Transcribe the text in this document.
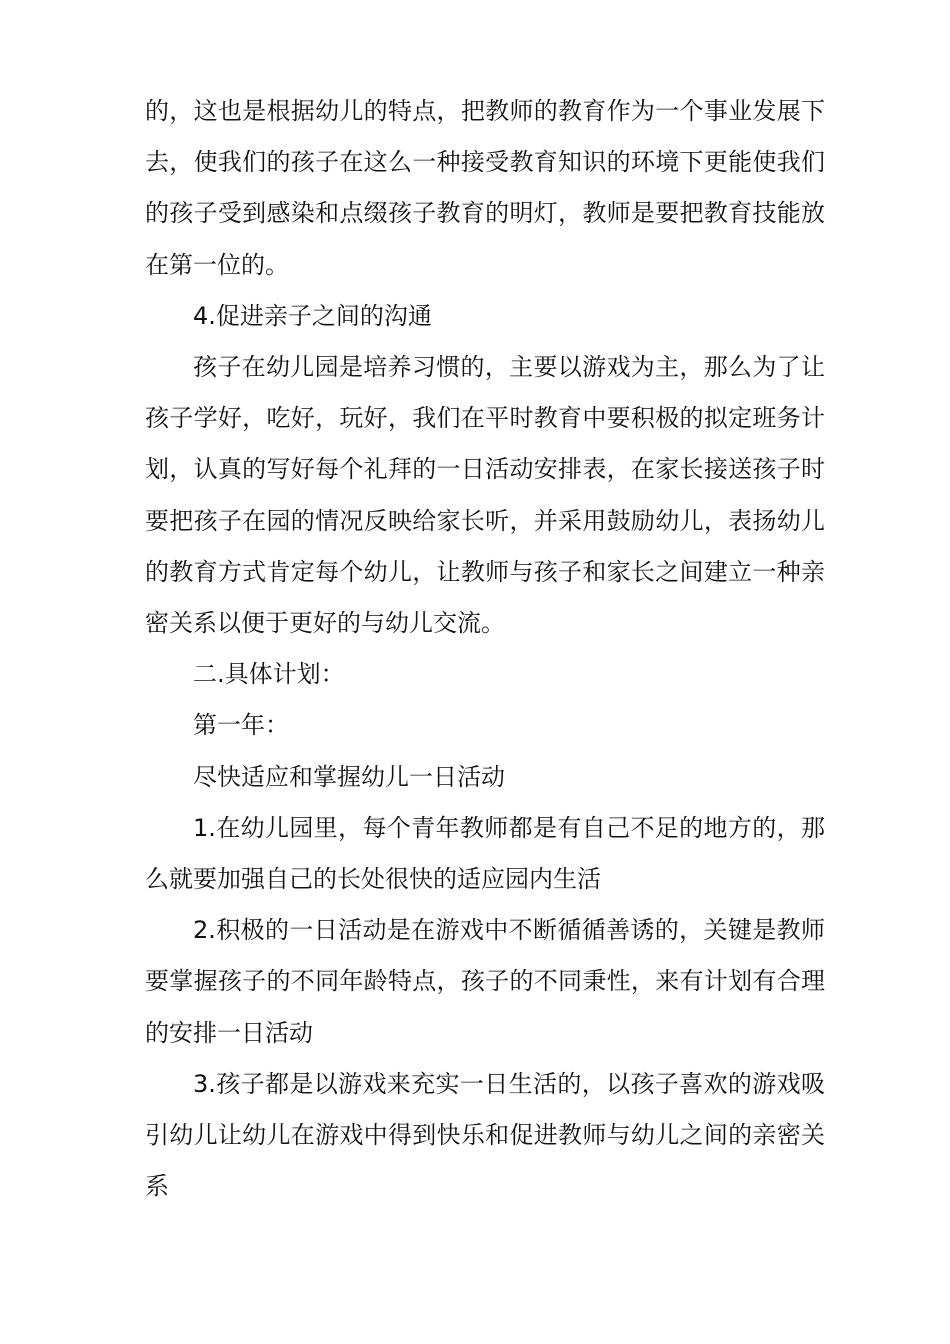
的，这也是根据幼儿的特点，把教师的教育作为一个事业发展下去，使我们的孩子在这么一种接受教育知识的环境下更能使我们的孩子受到感染和点缀孩子教育的明灯，教师是要把教育技能放在第一位的。

4.促进亲子之间的沟通

孩子在幼儿园是培养习惯的，主要以游戏为主，那么为了让孩子学好，吃好，玩好，我们在平时教育中要积极的拟定班务计划，认真的写好每个礼拜的一日活动安排表，在家长接送孩子时要把孩子在园的情况反映给家长听，并采用鼓励幼儿，表扬幼儿的教育方式肯定每个幼儿，让教师与孩子和家长之间建立一种亲密关系以便于更好的与幼儿交流。

二.具体计划：

第一年：

尽快适应和掌握幼儿一日活动

1.在幼儿园里，每个青年教师都是有自己不足的地方的，那么就要加强自己的长处很快的适应园内生活

2.积极的一日活动是在游戏中不断循循善诱的，关键是教师要掌握孩子的不同年龄特点，孩子的不同秉性，来有计划有合理的安排一日活动

3.孩子都是以游戏来充实一日生活的，以孩子喜欢的游戏吸引幼儿让幼儿在游戏中得到快乐和促进教师与幼儿之间的亲密关系
